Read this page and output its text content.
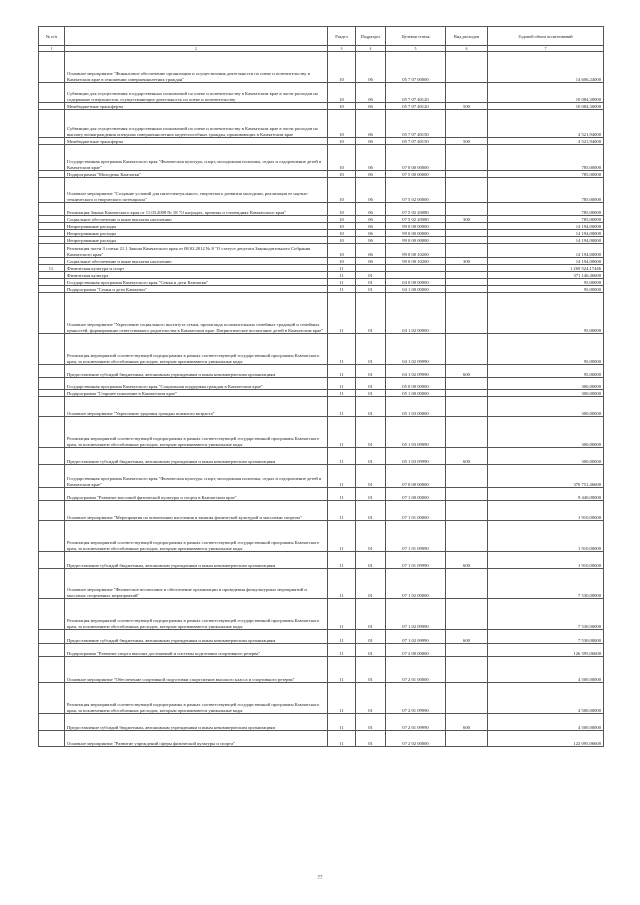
№ п/п		Раздел	Подраздел	Целевая статья	Вид расходов	Годовой объем ассигнований
1	2	3	4	5	6	7
	Основное мероприятие "Финансовое обеспечение организации и осуществления деятельности по опеке и попечительству в Камчатском крае в отношении совершеннолетних граждан"	10	06	05 7 07 00000		14 606,24000
	Субвенции для осуществления государственных полномочий по опеке и попечительству в Камчатском крае в части расходов на содержание специалистов, осуществляющих деятельность по опеке и попечительству	10	06	05 7 07 40120		10 084,30000
	Межбюджетные трансферты	10	06	05 7 07 40120	500	10 084,30000
	Субвенции для осуществления государственных полномочий по опеке и попечительству в Камчатском крае в части расходов на выплату вознаграждения опекунам совершеннолетних недееспособных граждан, проживающих в Камчатском крае	10	06	05 7 07 40150		4 521,94000
	Межбюджетные трансферты	10	06	05 7 07 40150	500	4 521,94000
	Государственная программа Камчатского края "Физическая культура, спорт, молодежная политика, отдых и оздоровление детей в Камчатском крае"	10	06	07 0 00 00000		785,00000
	Подпрограмма "Молодежь Камчатки"	10	06	07 5 00 00000		785,00000
	Основное мероприятие "Создание условий для интеллектуального, творческого развития молодежи, реализация ее научно-технического и творческого потенциала"	10	06	07 5 02 00000		785,00000
	Реализация Закона Камчатского края от 11.03.2008 № 18 "О наградах, премиях и стипендиях Камчатского края"	10	06	07 5 02 20080		785,00000
	Социальное обеспечение и иные выплаты населению	10	06	07 5 02 20080	300	785,00000
	Непрограммные расходы	10	06	99 0 00 00000		14 194,00000
	Непрограммные расходы	10	06	99 0 00 00000		14 194,00000
	Непрограммные расходы	10	06	99 0 00 00000		14 194,00000
	Реализация части 3 статьи 21.1 Закона Камчатского края от 08.02.2012 № 8 "О статусе депутата Законодательного Собрания Камчатского края"	10	06	99 0 00 10200		14 194,00000
	Социальное обеспечение и иные выплаты населению	10	06	99 0 00 10200	300	14 194,00000
11.	Физическая культура и спорт	11				1 269 524,17446
	Физическая культура	11	01			371 146,46600
	Государственная программа Камчатского края "Семья и дети Камчатки"	11	01	04 0 00 00000		95,00000
	Подпрограмма "Семья и дети Камчатки"	11	01	04 1 00 00000		95,00000
	Основное мероприятие "Укрепление социального института семьи, пропаганда положительных семейных традиций и семейных ценностей, формирование ответственного родительства в Камчатском крае. Патриотическое воспитание детей в Камчатском крае"	11	01	04 1 02 00000		95,00000
	Реализация мероприятий соответствующей подпрограммы в рамках соответствующей государственной программы Камчатского края, за исключением обособленных расходов, которым присваиваются уникальные коды	11	01	04 1 02 09990		95,00000
	Предоставление субсидий бюджетным, автономным учреждениям и иным некоммерческим организациям	11	01	04 1 02 09990	600	95,00000
	Государственная программа Камчатского края "Социальная поддержка граждан в Камчатском крае"	11	01	05 0 00 00000		300,00000
	Подпрограмма "Старшее поколение в Камчатском крае"	11	01	05 1 00 00000		300,00000
	Основное мероприятие "Укрепление здоровья граждан пожилого возраста"	11	01	05 1 03 00000		300,00000
	Реализация мероприятий соответствующей подпрограммы в рамках соответствующей государственной программы Камчатского края, за исключением обособленных расходов, которым присваиваются уникальные коды	11	01	05 1 03 09990		300,00000
	Предоставление субсидий бюджетным, автономным учреждениям и иным некоммерческим организациям	11	01	05 1 03 09990	600	300,00000
	Государственная программа Камчатского края "Физическая культура, спорт, молодежная политика, отдых и оздоровление детей в Камчатском крае"	11	01	07 0 00 00000		370 751,46600
	Подпрограмма "Развитие массовой физической культуры и спорта в Камчатском крае"	11	01	07 1 00 00000		9 440,00000
	Основное мероприятие "Мероприятия по вовлечению населения в занятия физической культурой и массовым спортом"	11	01	07 1 01 00000		1 910,00000
	Реализация мероприятий соответствующей подпрограммы в рамках соответствующей государственной программы Камчатского края, за исключением обособленных расходов, которым присваиваются уникальные коды	11	01	07 1 01 09990		1 910,00000
	Предоставление субсидий бюджетным, автономным учреждениям и иным некоммерческим организациям	11	01	07 1 01 09990	600	1 910,00000
	Основное мероприятие "Физическое воспитание и обеспечение организации и проведения физкультурных мероприятий и массовых спортивных мероприятий"	11	01	07 1 02 00000		7 530,00000
	Реализация мероприятий соответствующей подпрограммы в рамках соответствующей государственной программы Камчатского края, за исключением обособленных расходов, которым присваиваются уникальные коды	11	01	07 1 02 09990		7 530,00000
	Предоставление субсидий бюджетным, автономным учреждениям и иным некоммерческим организациям	11	01	07 1 02 09990	600	7 530,00000
	Подпрограмма "Развитие спорта высших достижений и системы подготовки спортивного резерва"	11	01	07 2 00 00000		126 595,06600
	Основное мероприятие "Обеспечение спортивной подготовки спортсменов высокого класса и спортивного резерва"	11	01	07 2 01 00000		4 500,00000
	Реализация мероприятий соответствующей подпрограммы в рамках соответствующей государственной программы Камчатского края, за исключением обособленных расходов, которым присваиваются уникальные коды	11	01	07 2 01 09990		4 500,00000
	Предоставление субсидий бюджетным, автономным учреждениям и иным некоммерческим организациям	11	01	07 2 01 09990	600	4 500,00000
	Основное мероприятие "Развитие учреждений сферы физической культуры и спорта"	11	01	07 2 02 00000		122 095,06600
77
